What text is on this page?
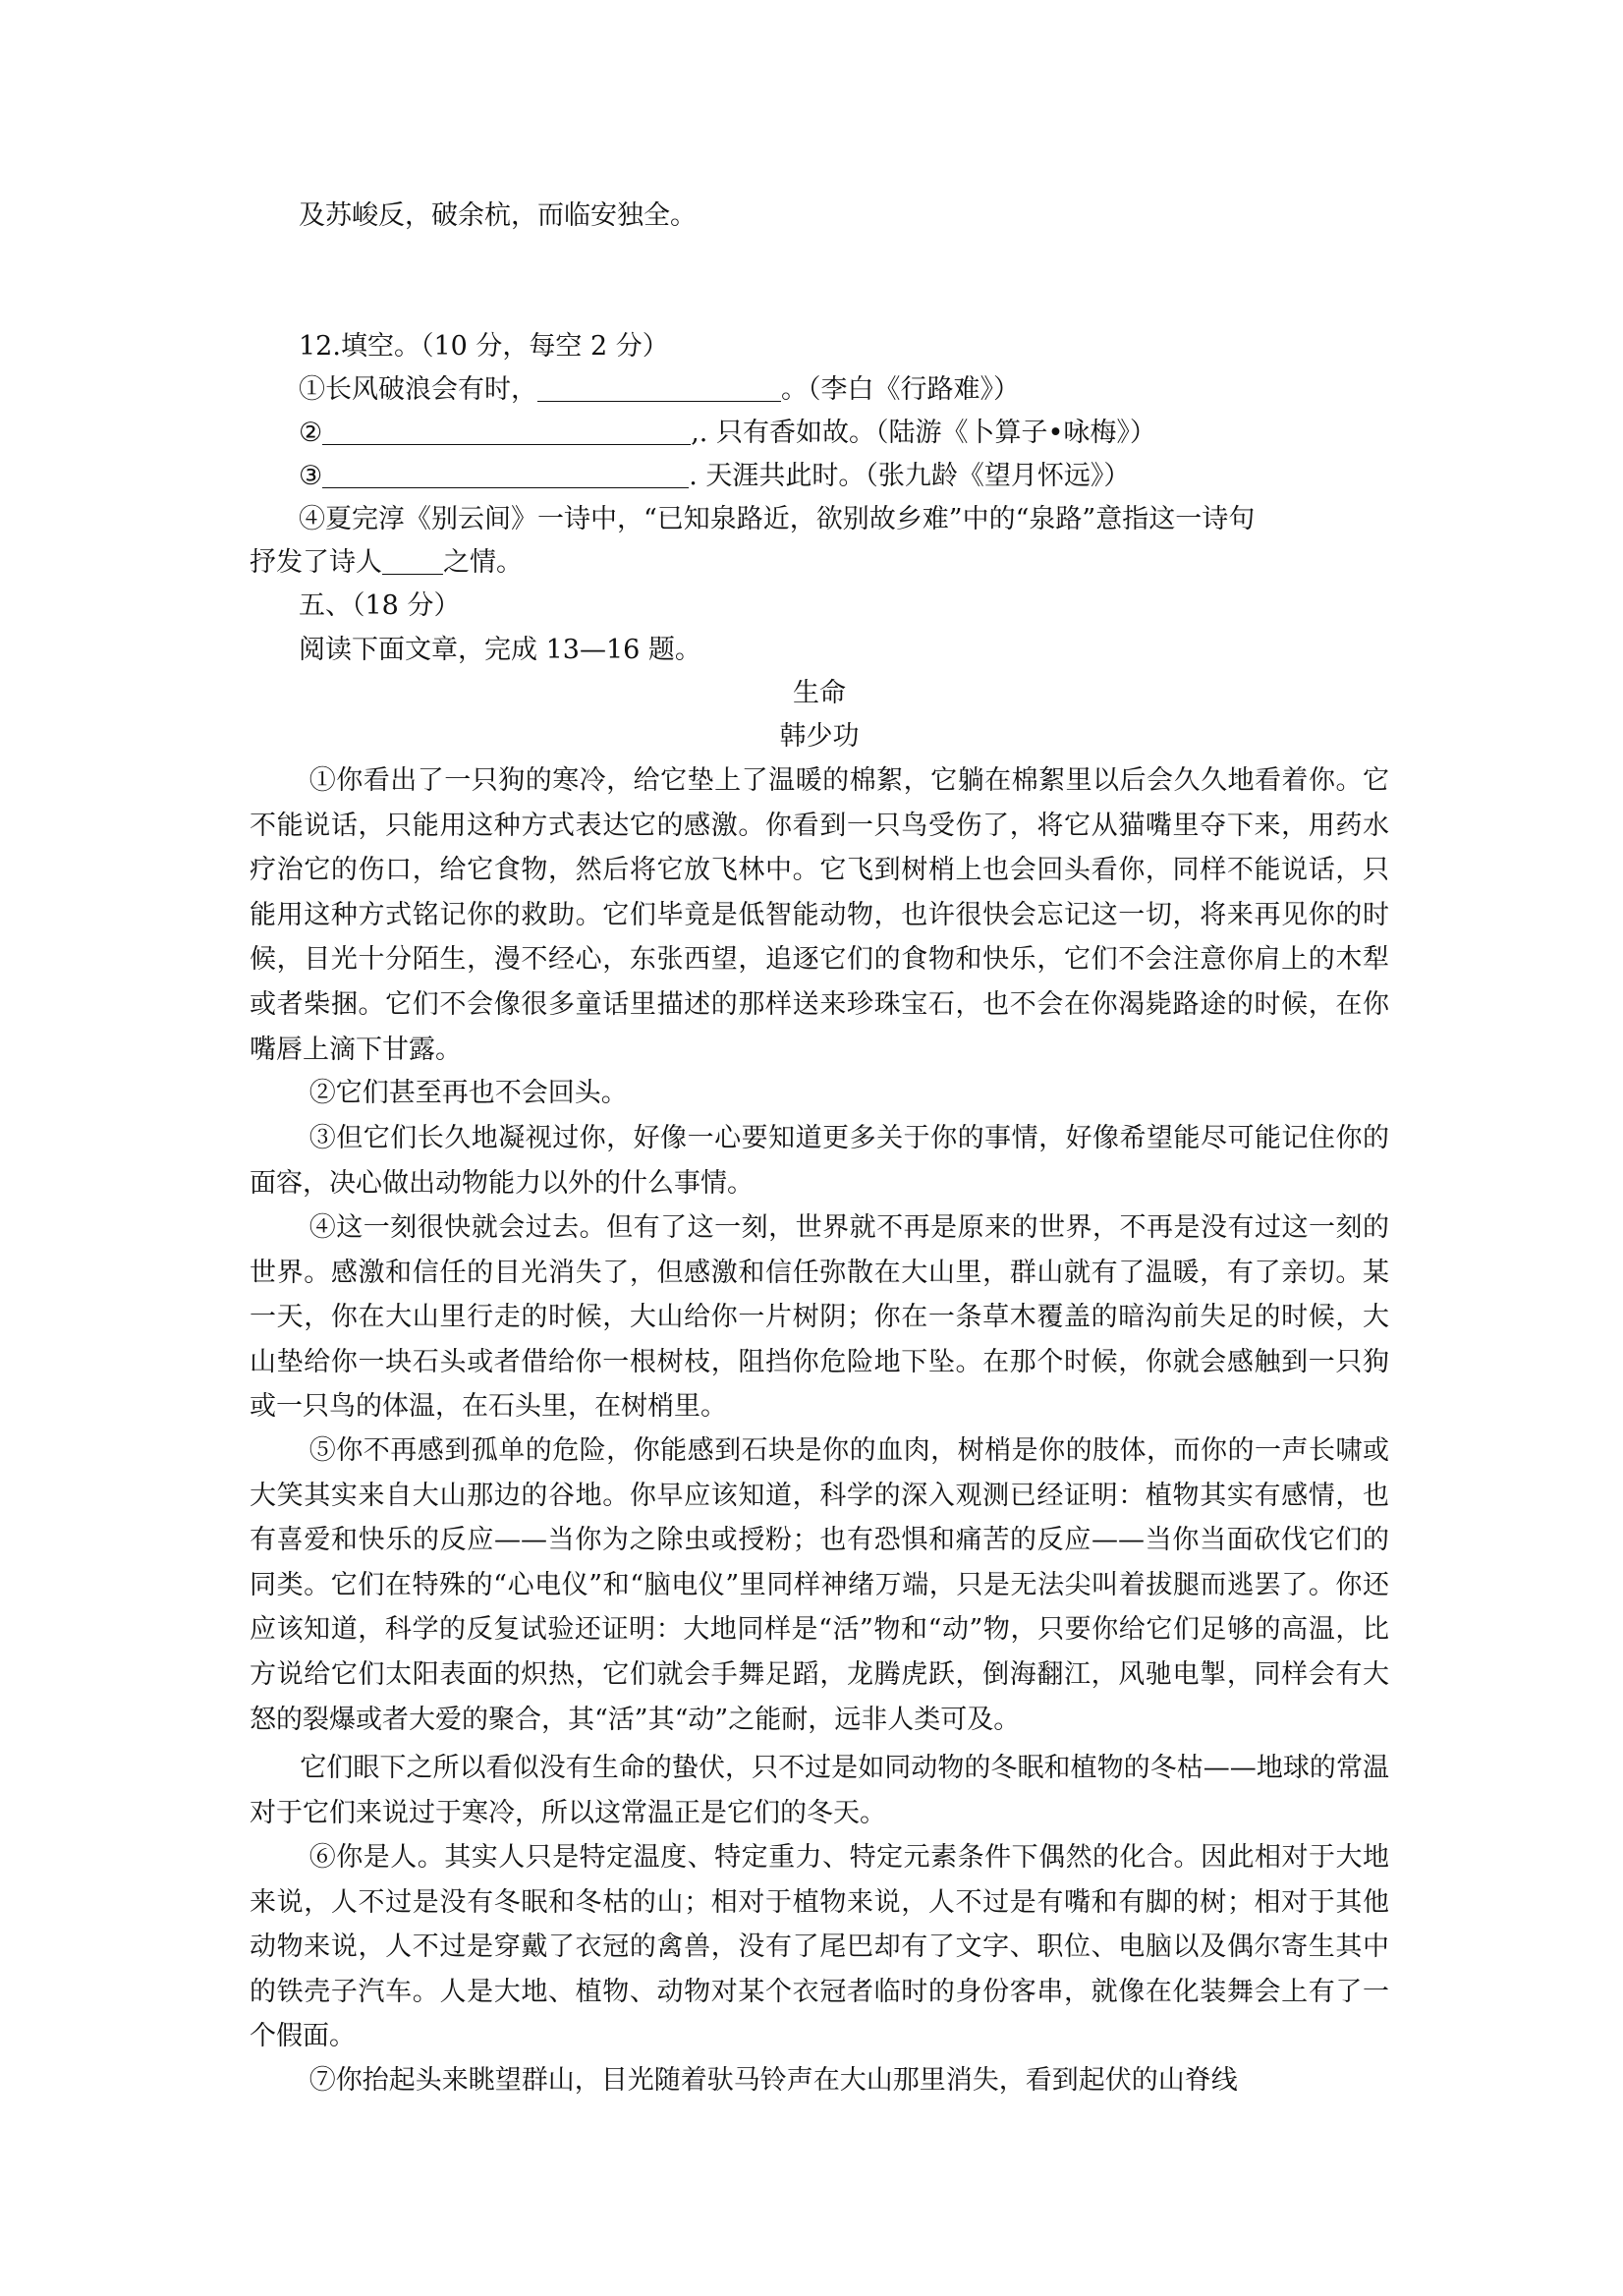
及苏峻反，破余杭，而临安独全。
12.填空。（10 分，每空 2 分）
①长风破浪会有时，	。（李白《行路难》）
②	,. 只有香如故。（陆游《卜算子•咏梅》）
③	. 天涯共此时。（张九龄《望月怀远》）
④夏完淳《别云间》一诗中，“已知泉路近，欲别故乡难”中的“泉路”意指这一诗句
抒发了诗人 之情。
五、（18 分）
阅读下面文章，完成 13—16 题。
生命
韩少功
①你看出了一只狗的寒冷，给它垫上了温暖的棉絮，它躺在棉絮里以后会久久地看着你。它不能说话，只能用这种方式表达它的感激。你看到一只鸟受伤了，将它从猫嘴里夺下来，用药水疗治它的伤口，给它食物，然后将它放飞林中。它飞到树梢上也会回头看你，同样不能说话，只能用这种方式铭记你的救助。它们毕竟是低智能动物，也许很快会忘记这一切，将来再见你的时候，目光十分陌生，漫不经心，东张西望，追逐它们的食物和快乐，它们不会注意你肩上的木犁或者柴捆。它们不会像很多童话里描述的那样送来珍珠宝石，也不会在你渴毙路途的时候，在你嘴唇上滴下甘露。
②它们甚至再也不会回头。
③但它们长久地凝视过你，好像一心要知道更多关于你的事情，好像希望能尽可能记住你的面容，决心做出动物能力以外的什么事情。
④这一刻很快就会过去。但有了这一刻，世界就不再是原来的世界，不再是没有过这一刻的世界。感激和信任的目光消失了，但感激和信任弥散在大山里，群山就有了温暖，有了亲切。某一天，你在大山里行走的时候，大山给你一片树阴；你在一条草木覆盖的暗沟前失足的时候，大山垫给你一块石头或者借给你一根树枝，阻挡你危险地下坠。在那个时候，你就会感触到一只狗或一只鸟的体温，在石头里，在树梢里。
⑤你不再感到孤单的危险，你能感到石块是你的血肉，树梢是你的肢体，而你的一声长啸或大笑其实来自大山那边的谷地。你早应该知道，科学的深入观测已经证明：植物其实有感情，也有喜爱和快乐的反应——当你为之除虫或授粉；也有恐惧和痛苦的反应——当你当面砍伐它们的同类。它们在特殊的“心电仪”和“脑电仪”里同样神绪万端，只是无法尖叫着拔腿而逃罢了。你还应该知道，科学的反复试验还证明：大地同样是“活”物和“动”物，只要你给它们足够的高温，比方说给它们太阳表面的炽热，它们就会手舞足蹈，龙腾虎跃，倒海翻江，风驰电掣，同样会有大怒的裂爆或者大爱的聚合，其“活”其“动”之能耐，远非人类可及。
它们眼下之所以看似没有生命的蛰伏，只不过是如同动物的冬眠和植物的冬枯——地球的常温对于它们来说过于寒冷，所以这常温正是它们的冬天。
⑥你是人。其实人只是特定温度、特定重力、特定元素条件下偶然的化合。因此相对于大地来说，人不过是没有冬眠和冬枯的山；相对于植物来说，人不过是有嘴和有脚的树；相对于其他动物来说，人不过是穿戴了衣冠的禽兽，没有了尾巴却有了文字、职位、电脑以及偶尔寄生其中的铁壳子汽车。人是大地、植物、动物对某个衣冠者临时的身份客串，就像在化装舞会上有了一个假面。
⑦你抬起头来眺望群山，目光随着驮马铃声在大山那里消失，看到起伏的山脊线
